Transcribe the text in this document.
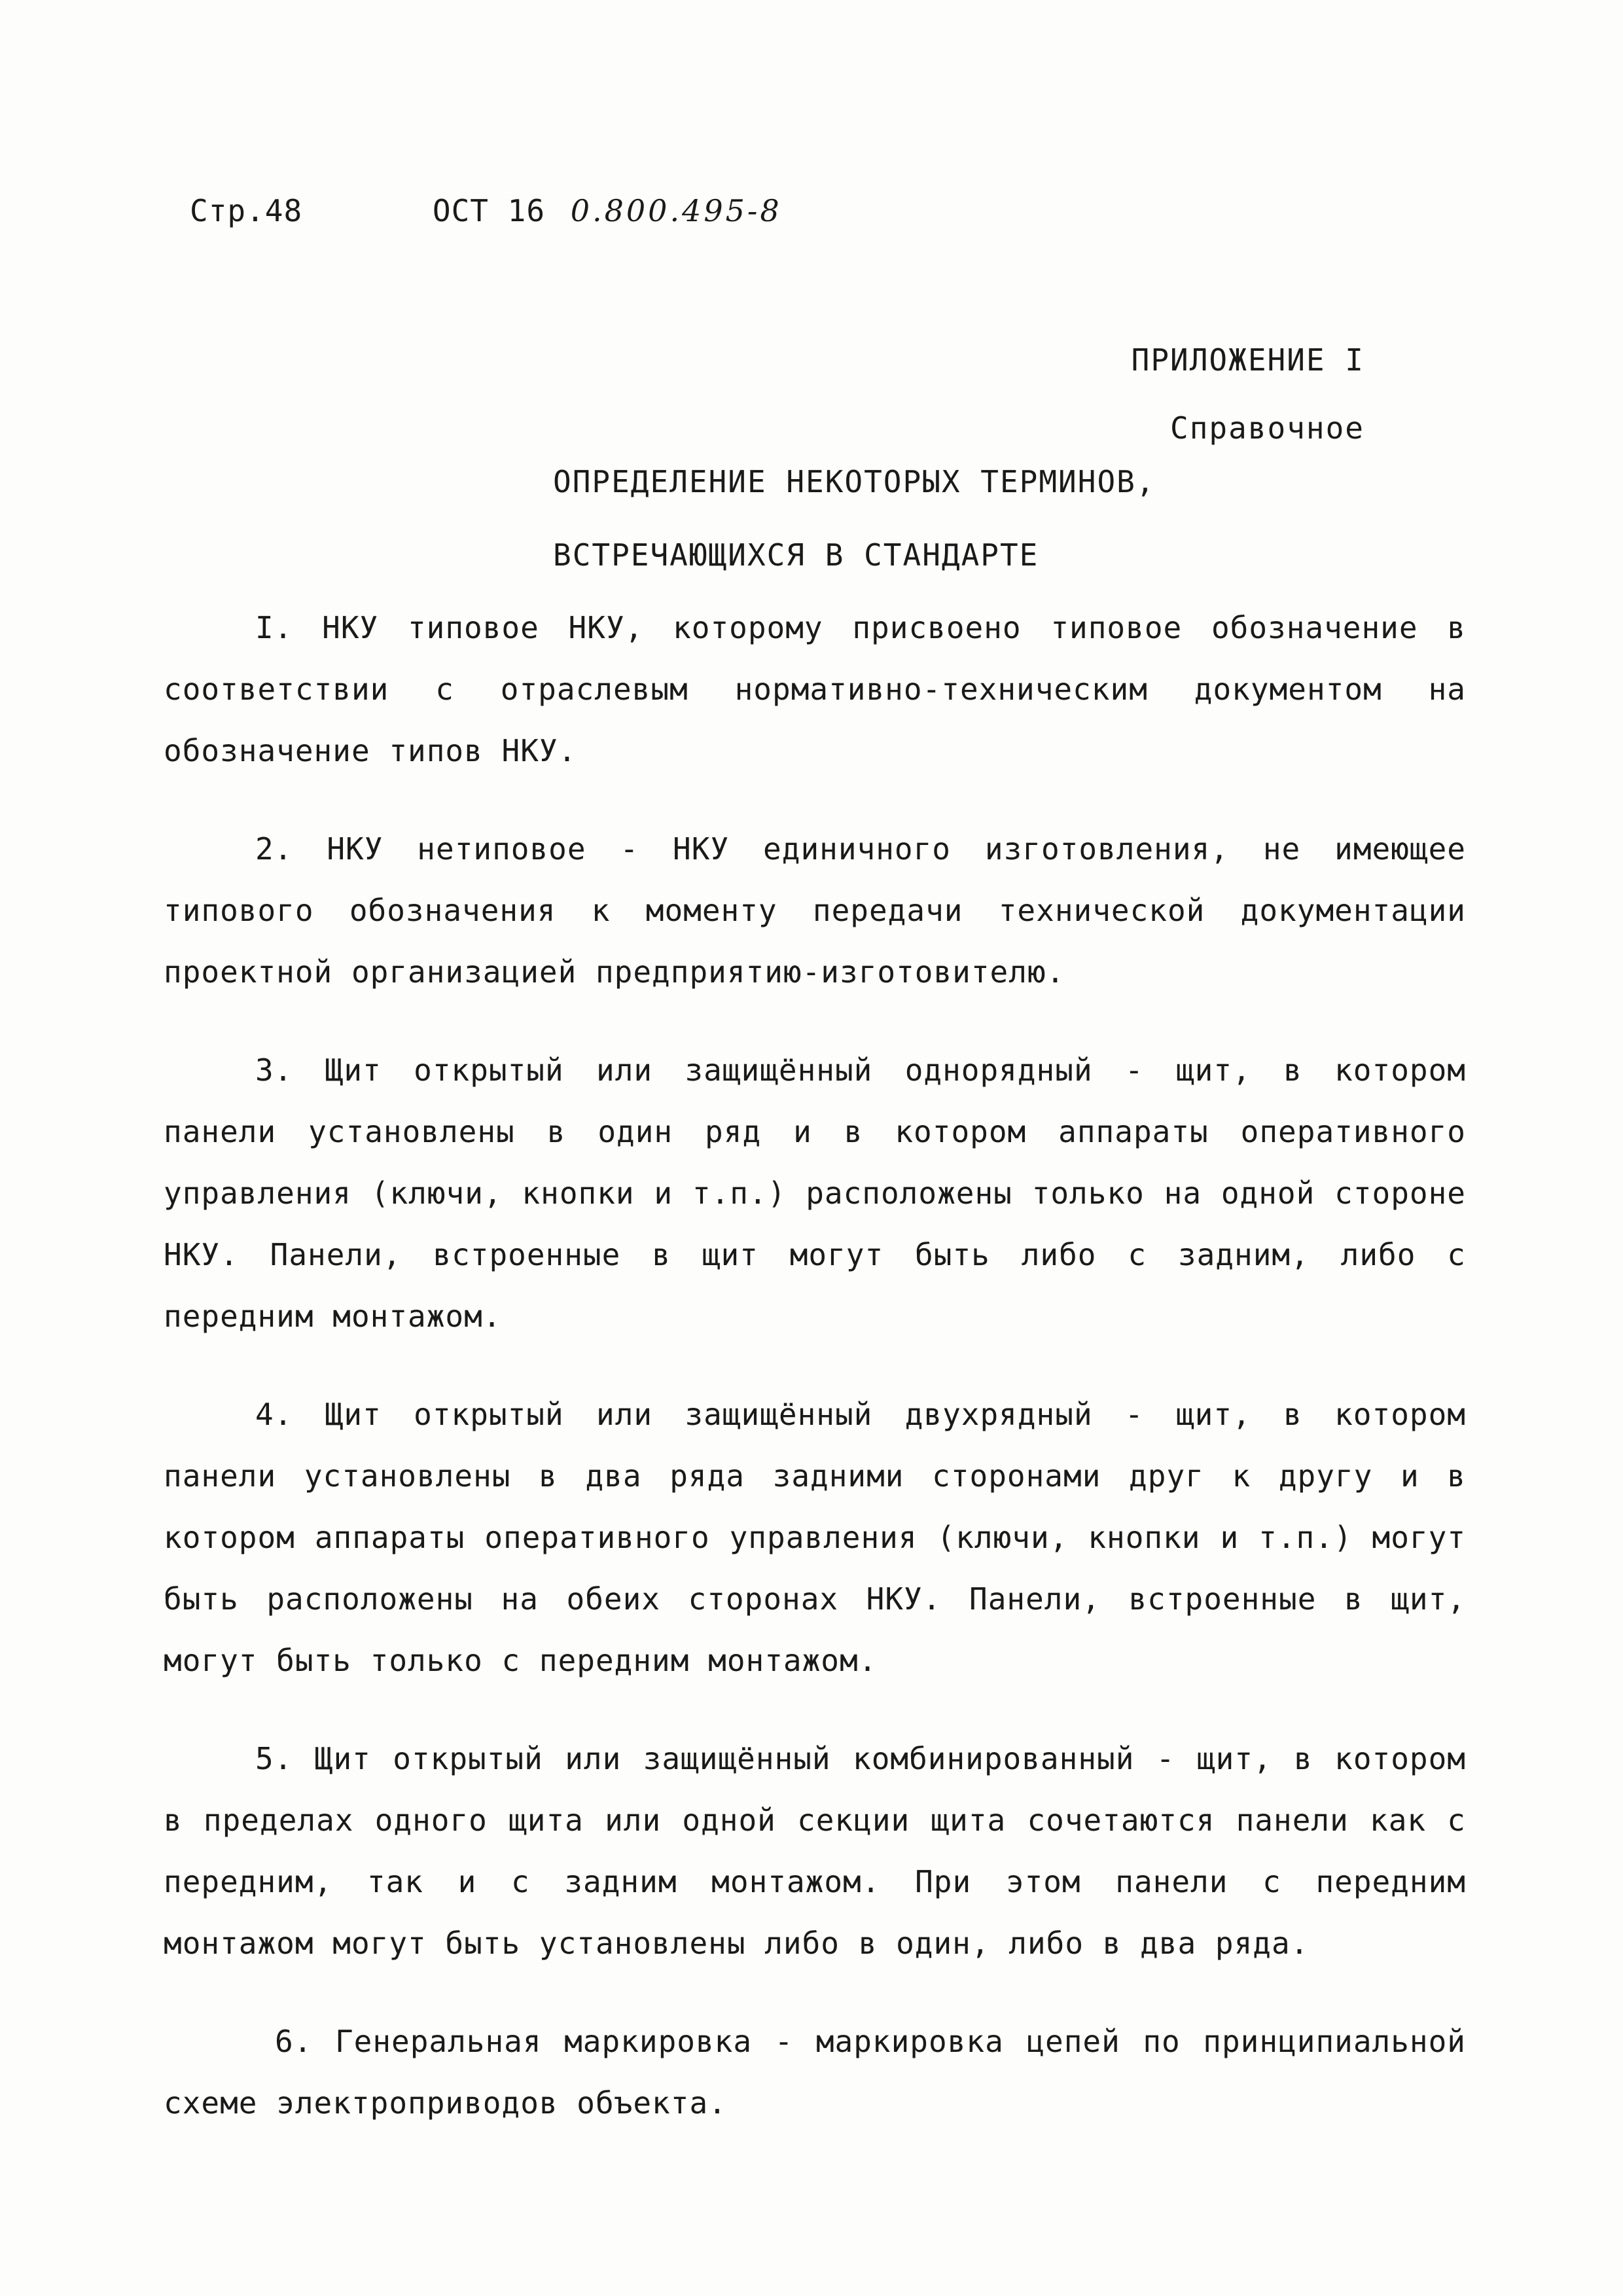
Стр.48	ОСТ 16 0.800.495-8
ПРИЛОЖЕНИЕ I
Справочное
ОПРЕДЕЛЕНИЕ НЕКОТОРЫХ ТЕРМИНОВ,
ВСТРЕЧАЮЩИХСЯ В СТАНДАРТЕ

I. НКУ типовое НКУ, которому присвоено типовое обозначение в соответствии с отраслевым нормативно-техническим документом на обозначение типов НКУ.

2. НКУ нетиповое - НКУ единичного изготовления, не имеющее типового обозначения к моменту передачи технической документации проектной организацией предприятию-изготовителю.

3. Щит открытый или защищённый однорядный - щит, в котором панели установлены в один ряд и в котором аппараты оперативного управления (ключи, кнопки и т.п.) расположены только на одной стороне НКУ. Панели, встроенные в щит могут быть либо с задним, либо с передним монтажом.

4. Щит открытый или защищённый двухрядный - щит, в котором панели установлены в два ряда задними сторонами друг к другу и в котором аппараты оперативного управления (ключи, кнопки и т.п.) могут быть расположены на обеих сторонах НКУ. Панели, встроенные в щит, могут быть только с передним монтажом.

5. Щит открытый или защищённый комбинированный - щит, в котором в пределах одного щита или одной секции щита сочетаются панели как с передним, так и с задним монтажом. При этом панели с передним монтажом могут быть установлены либо в один, либо в два ряда.

6. Генеральная маркировка - маркировка цепей по принципиальной схеме электроприводов объекта.
